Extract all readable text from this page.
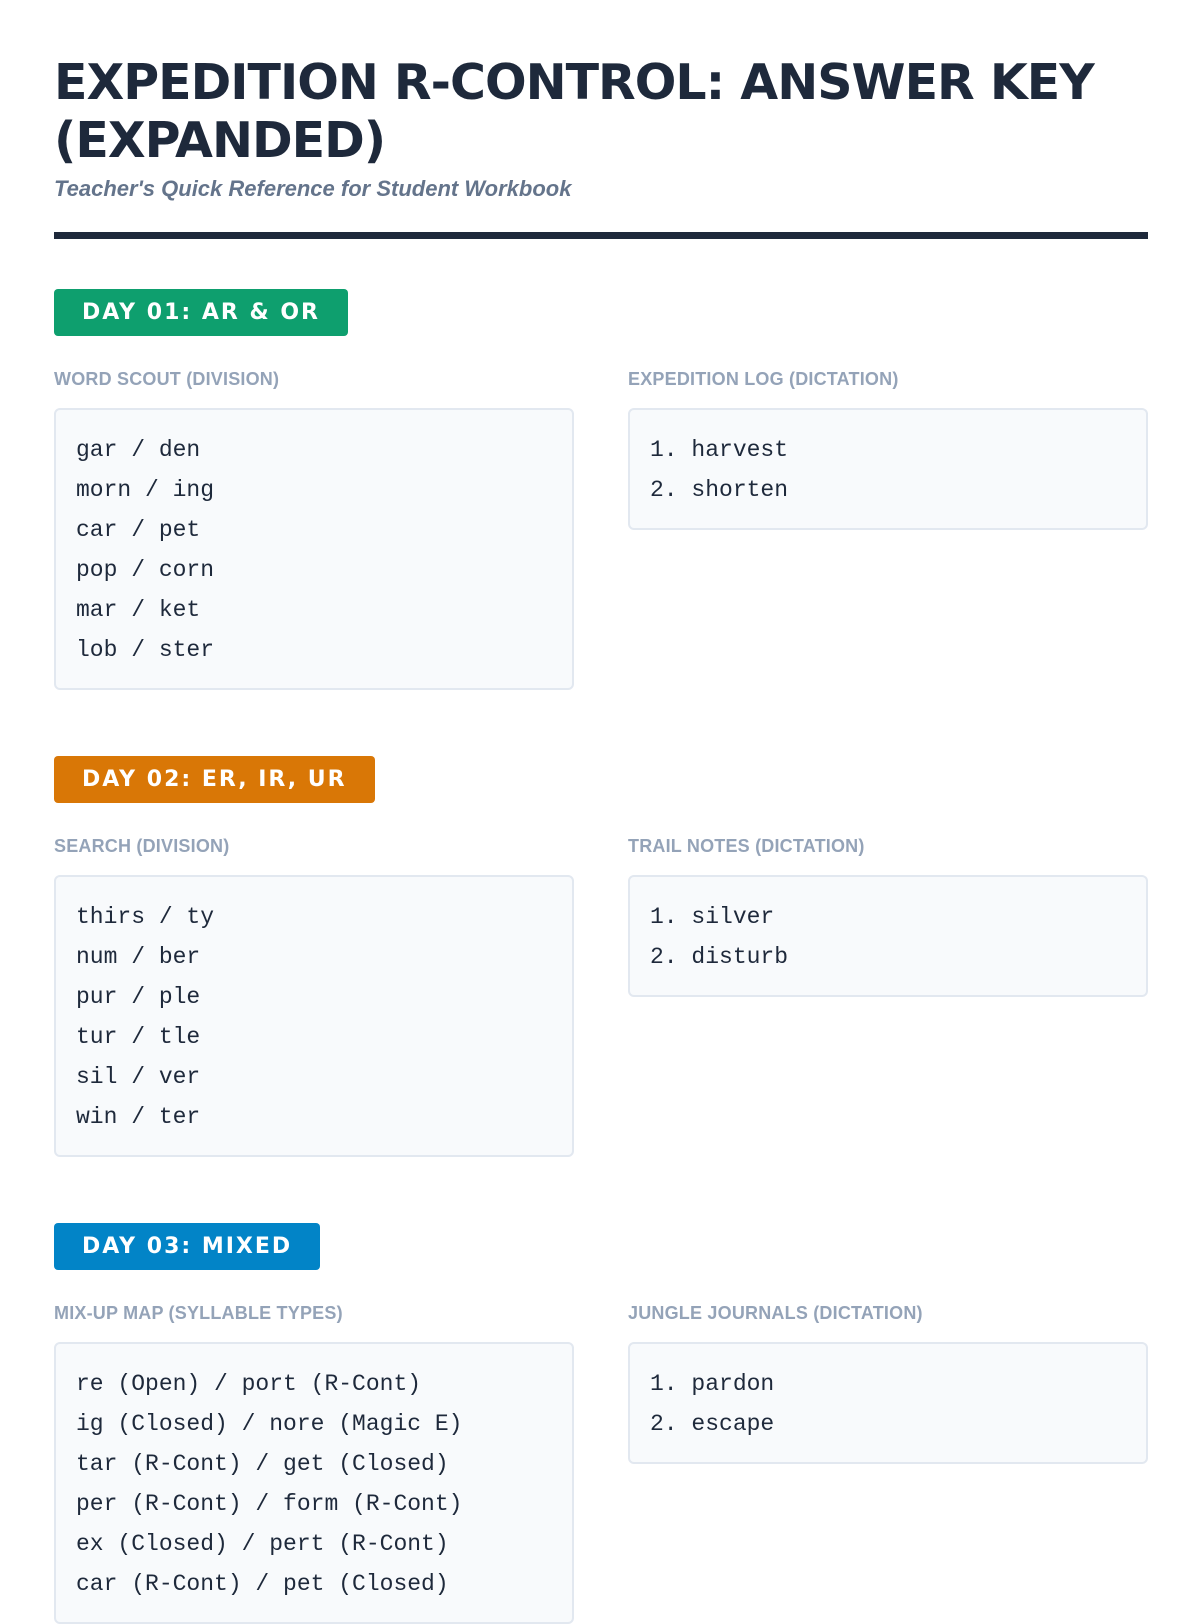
EXPEDITION R-CONTROL: ANSWER KEY (EXPANDED)
Teacher's Quick Reference for Student Workbook
DAY 01: AR & OR
WORD SCOUT (DIVISION)
gar / den
morn / ing
car / pet
pop / corn
mar / ket
lob / ster
EXPEDITION LOG (DICTATION)
1. harvest
2. shorten
DAY 02: ER, IR, UR
SEARCH (DIVISION)
thirs / ty
num / ber
pur / ple
tur / tle
sil / ver
win / ter
TRAIL NOTES (DICTATION)
1. silver
2. disturb
DAY 03: MIXED
MIX-UP MAP (SYLLABLE TYPES)
re (Open) / port (R-Cont)
ig (Closed) / nore (Magic E)
tar (R-Cont) / get (Closed)
per (R-Cont) / form (R-Cont)
ex (Closed) / pert (R-Cont)
car (R-Cont) / pet (Closed)
JUNGLE JOURNALS (DICTATION)
1. pardon
2. escape
